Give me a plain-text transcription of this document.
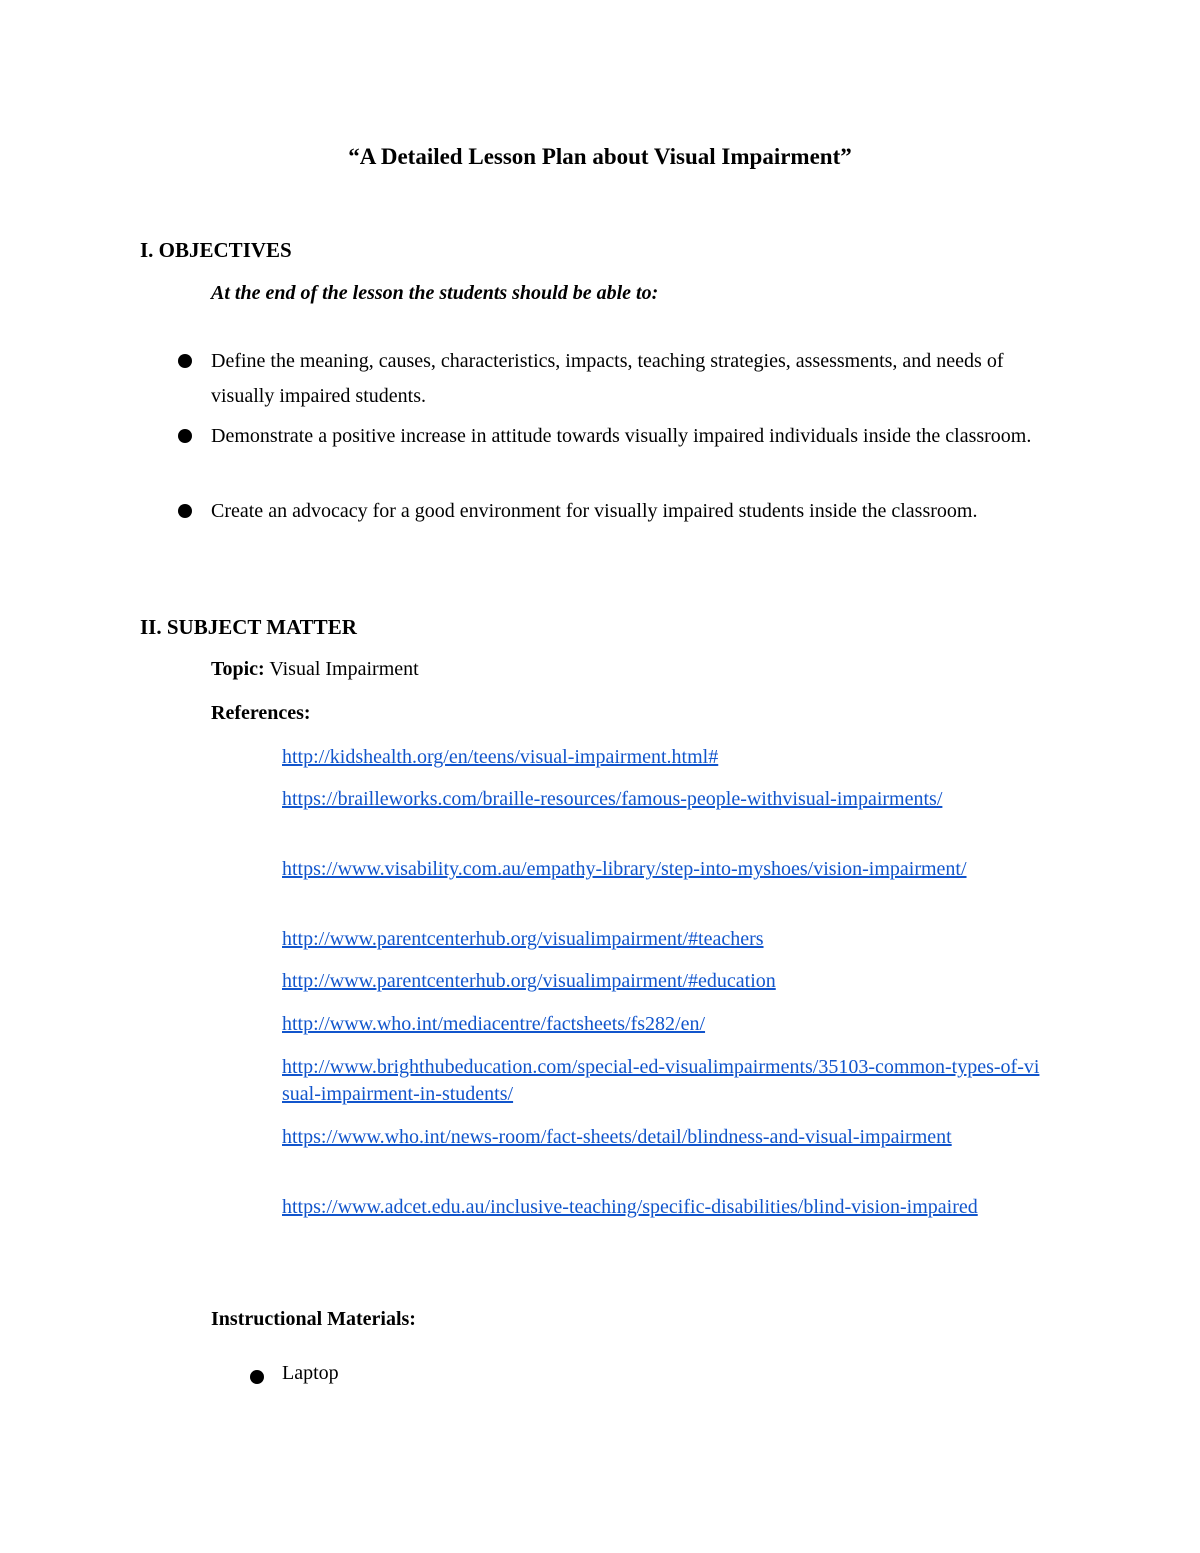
“A Detailed Lesson Plan about Visual Impairment”
I. OBJECTIVES
At the end of the lesson the students should be able to:
Define the meaning, causes, characteristics, impacts, teaching strategies, assessments, and needs of visually impaired students.
Demonstrate a positive increase in attitude towards visually impaired individuals inside the classroom.
Create an advocacy for a good environment for visually impaired students inside the classroom.
II. SUBJECT MATTER
Topic: Visual Impairment
References:
http://kidshealth.org/en/teens/visual-impairment.html#
https://brailleworks.com/braille-resources/famous-people-withvisual-impairments/
https://www.visability.com.au/empathy-library/step-into-myshoes/vision-impairment/
http://www.parentcenterhub.org/visualimpairment/#teachers
http://www.parentcenterhub.org/visualimpairment/#education
http://www.who.int/mediacentre/factsheets/fs282/en/
http://www.brighthubeducation.com/special-ed-visualimpairments/35103-common-types-of-visual-impairment-in-students/
https://www.who.int/news-room/fact-sheets/detail/blindness-and-visual-impairment
https://www.adcet.edu.au/inclusive-teaching/specific-disabilities/blind-vision-impaired
Instructional Materials:
Laptop
